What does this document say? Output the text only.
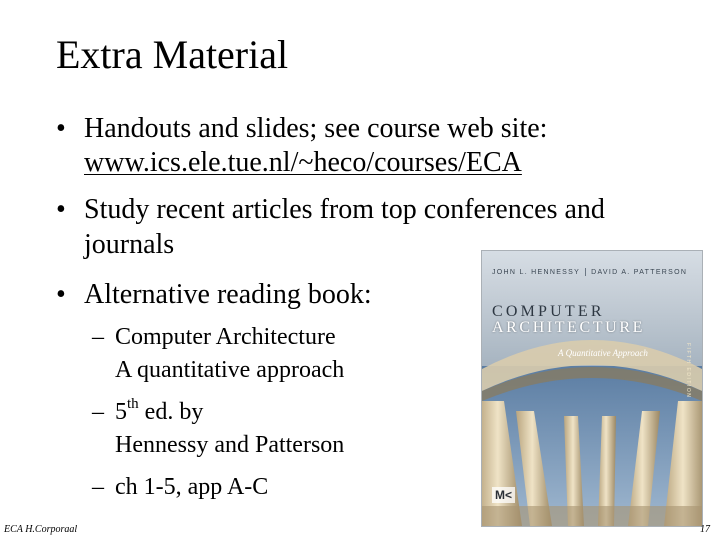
Extra Material
• Handouts and slides; see course web site:
www.ics.ele.tue.nl/~heco/courses/ECA
• Study recent articles from top conferences and
journals
• Alternative reading book:
– Computer Architecture
A quantitative approach
– 5th ed. by
Hennessy and Patterson
– ch 1-5, app A-C
JOHN L. HENNESSY DAVID A. PATTERSON
COMPUTER
ARCHITECTURE
A Quantitative Approach	FIFTH EDITION
M<
ECA H.Corporaal	17
